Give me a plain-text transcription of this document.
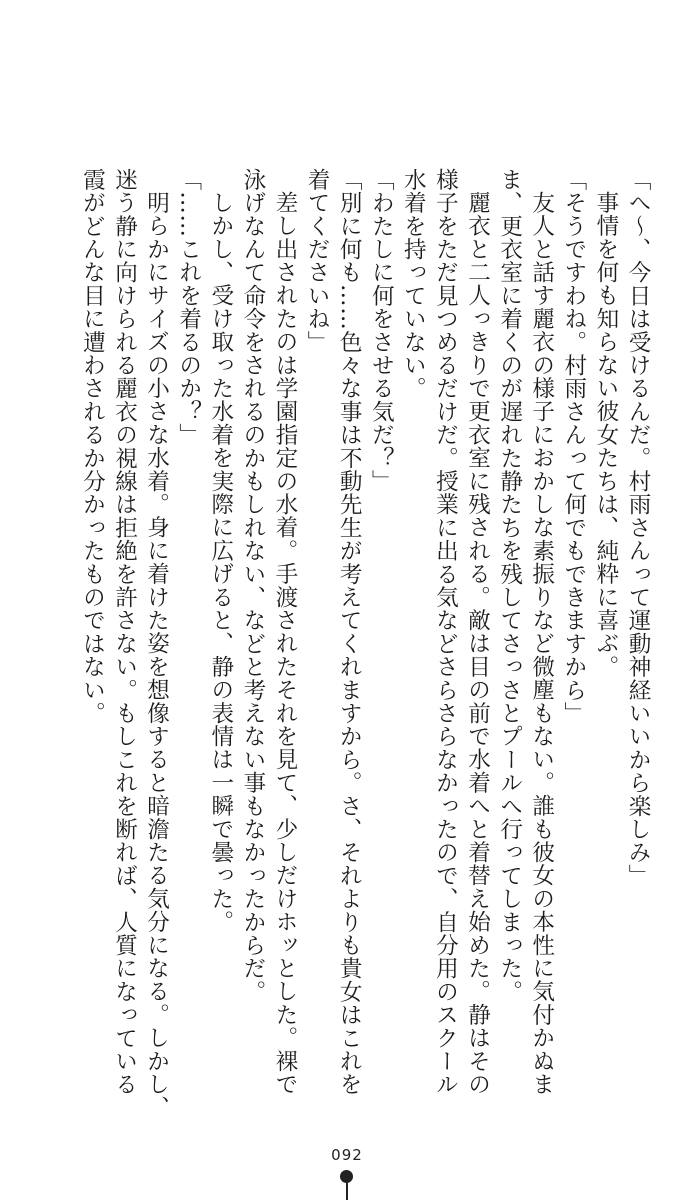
「へ〜、今日は受けるんだ。村雨さんって運動神経いいから楽しみ」

事情を何も知らない彼女たちは、純粋に喜ぶ。

「そうですわね。村雨さんって何でもできますから」

友人と話す麗衣の様子におかしな素振りなど微塵もない。誰も彼女の本性に気付かぬま

ま、更衣室に着くのが遅れた静たちを残してさっさとプールへ行ってしまった。

麗衣と二人っきりで更衣室に残される。敵は目の前で水着へと着替え始めた。静はその

様子をただ見つめるだけだ。授業に出る気などさらさらなかったので、自分用のスクール

水着を持っていない。

「わたしに何をさせる気だ？」

「別に何も……色々な事は不動先生が考えてくれますから。さ、それよりも貴女はこれを

着てくださいね」

差し出されたのは学園指定の水着。手渡されたそれを見て、少しだけホッとした。裸で

泳げなんて命令をされるのかもしれない、などと考えない事もなかったからだ。

しかし、受け取った水着を実際に広げると、静の表情は一瞬で曇った。

「……これを着るのか？」

明らかにサイズの小さな水着。身に着けた姿を想像すると暗澹たる気分になる。しかし、

迷う静に向けられる麗衣の視線は拒絶を許さない。もしこれを断れば、人質になっている

霞がどんな目に遭わされるか分かったものではない。

092
